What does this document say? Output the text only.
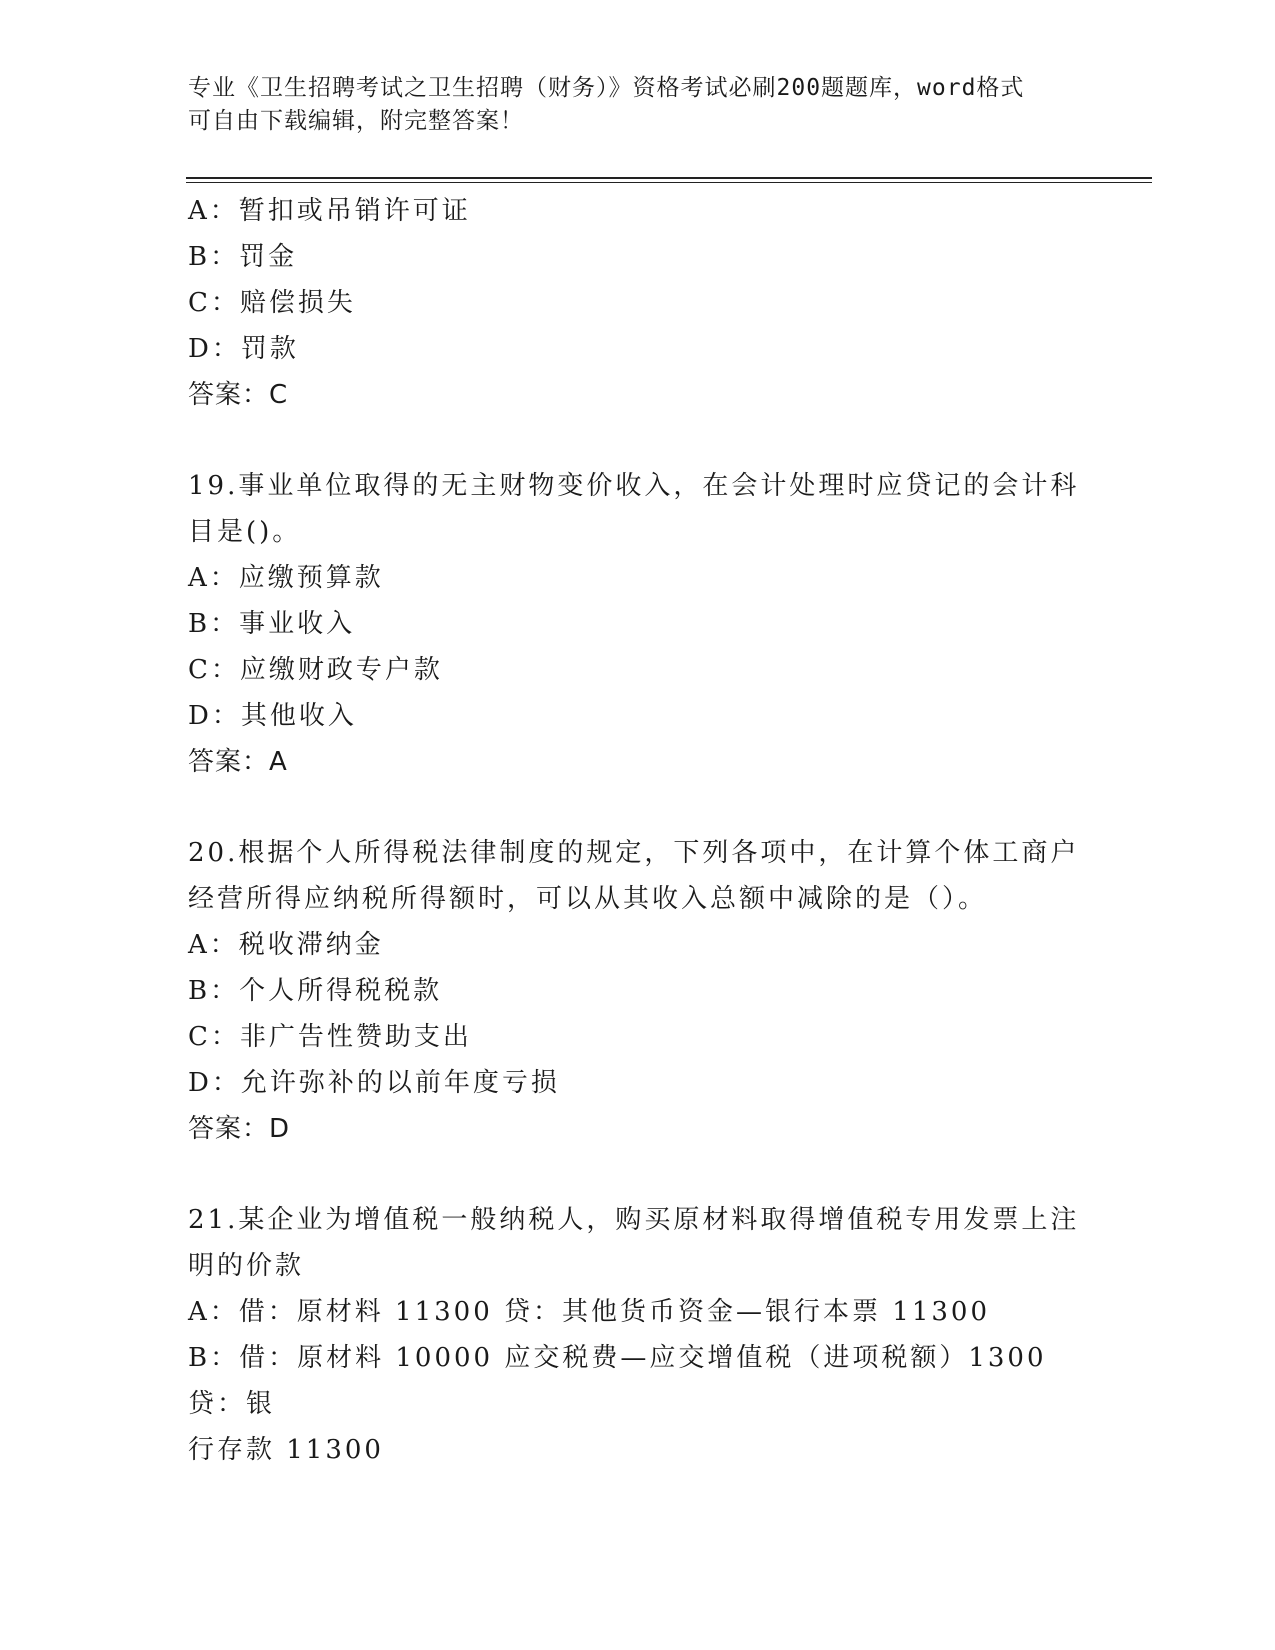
专业《卫生招聘考试之卫生招聘（财务）》资格考试必刷200题题库，word格式
可自由下载编辑，附完整答案！
A：暂扣或吊销许可证
B：罚金
C：赔偿损失
D：罚款
答案：C
19.事业单位取得的无主财物变价收入，在会计处理时应贷记的会计科
目是()。
A：应缴预算款
B：事业收入
C：应缴财政专户款
D：其他收入
答案：A
20.根据个人所得税法律制度的规定，下列各项中，在计算个体工商户
经营所得应纳税所得额时，可以从其收入总额中减除的是（）。
A：税收滞纳金
B：个人所得税税款
C：非广告性赞助支出
D：允许弥补的以前年度亏损
答案：D
21.某企业为增值税一般纳税人，购买原材料取得增值税专用发票上注
明的价款
A：借：原材料 11300 贷：其他货币资金—银行本票 11300
B：借：原材料 10000 应交税费—应交增值税（进项税额）1300 贷：银
行存款 11300
